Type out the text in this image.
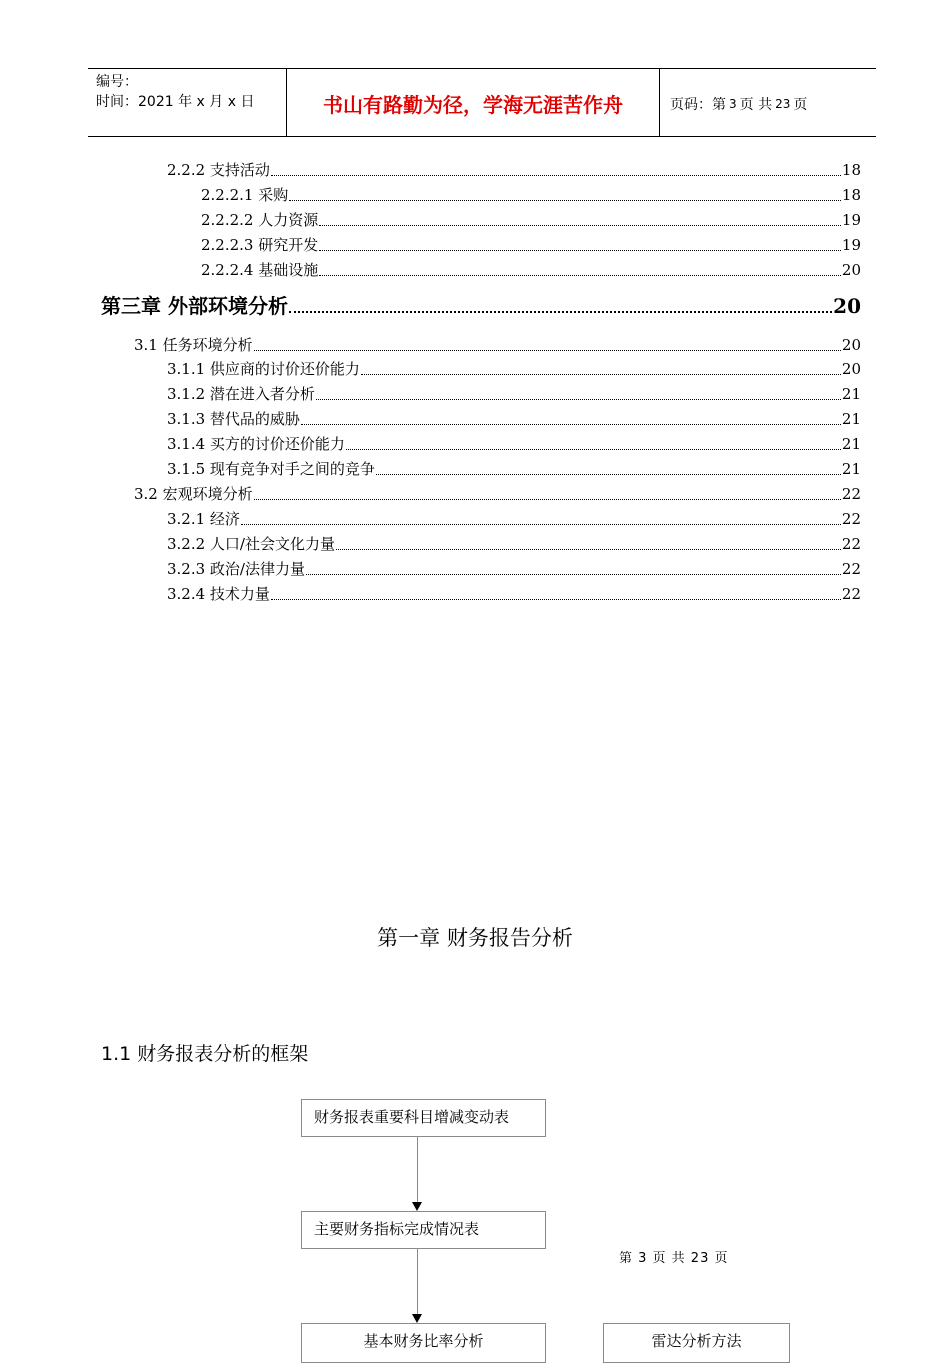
编号：
时间：2021 年 x 月 x 日	书山有路勤为径，学海无涯苦作舟	页码：第 3 页 共 23 页
2.2.2 支持活动	18
2.2.2.1 采购	18
2.2.2.2 人力资源	19
2.2.2.3 研究开发	19
2.2.2.4 基础设施	20
第三章 外部环境分析	20
3.1 任务环境分析	20
3.1.1 供应商的讨价还价能力	20
3.1.2 潜在进入者分析	21
3.1.3 替代品的威胁	21
3.1.4 买方的讨价还价能力	21
3.1.5 现有竞争对手之间的竞争	21
3.2 宏观环境分析	22
3.2.1 经济	22
3.2.2 人口/社会文化力量	22
3.2.3 政治/法律力量	22
3.2.4 技术力量	22
第一章 财务报告分析
1.1 财务报表分析的框架
财务报表重要科目增减变动表
主要财务指标完成情况表
基本财务比率分析	雷达分析方法
第 3 页 共 23 页
